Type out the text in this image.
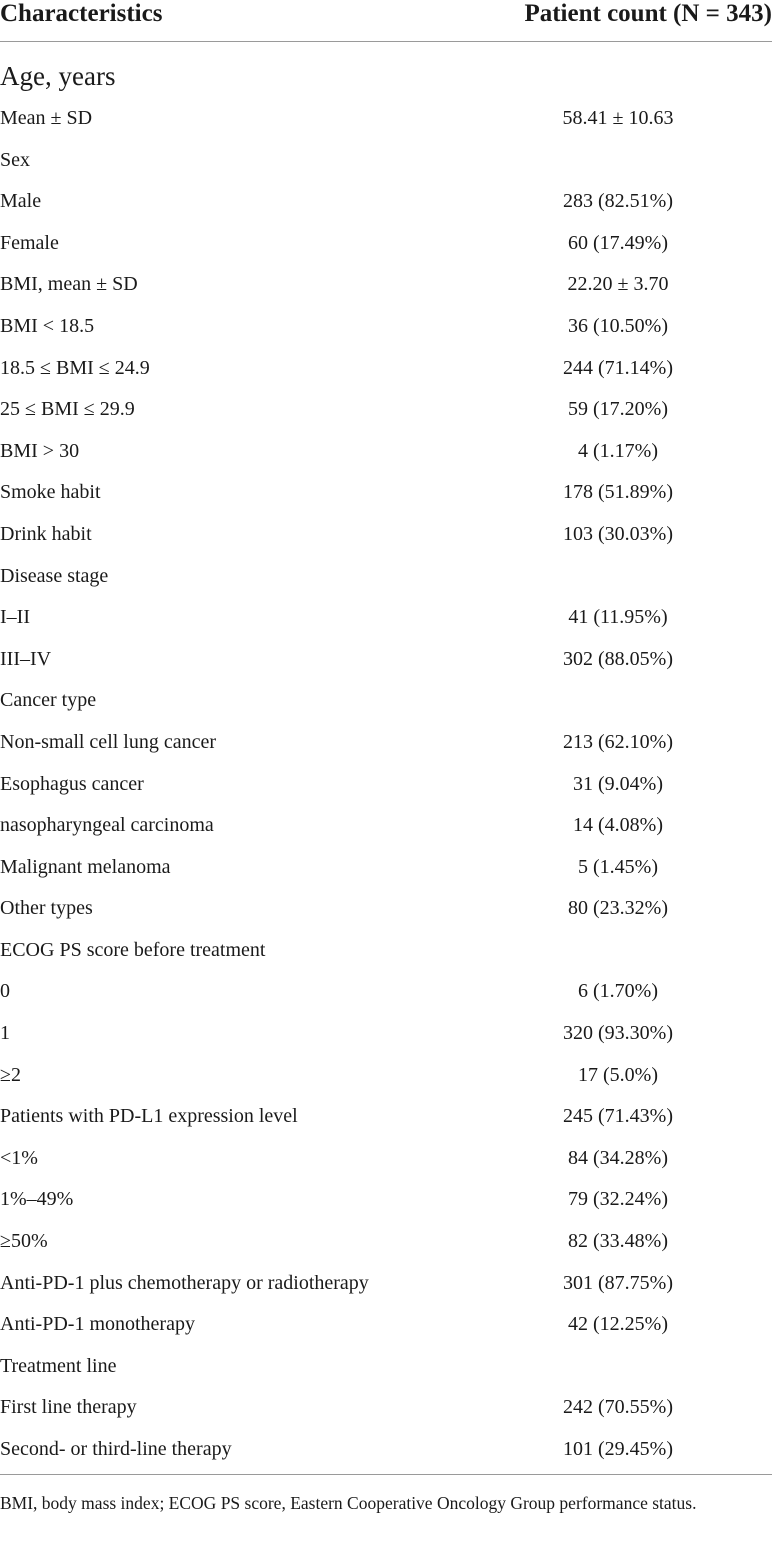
Characteristics	Patient count (N = 343)
Age, years
Mean ± SD	58.41 ± 10.63
Sex
Male	283 (82.51%)
Female	60 (17.49%)
BMI, mean ± SD	22.20 ± 3.70
BMI < 18.5	36 (10.50%)
18.5 ≤ BMI ≤ 24.9	244 (71.14%)
25 ≤ BMI ≤ 29.9	59 (17.20%)
BMI > 30	4 (1.17%)
Smoke habit	178 (51.89%)
Drink habit	103 (30.03%)
Disease stage
I–II	41 (11.95%)
III–IV	302 (88.05%)
Cancer type
Non-small cell lung cancer	213 (62.10%)
Esophagus cancer	31 (9.04%)
nasopharyngeal carcinoma	14 (4.08%)
Malignant melanoma	5 (1.45%)
Other types	80 (23.32%)
ECOG PS score before treatment
0	6 (1.70%)
1	320 (93.30%)
≥2	17 (5.0%)
Patients with PD-L1 expression level	245 (71.43%)
<1%	84 (34.28%)
1%–49%	79 (32.24%)
≥50%	82 (33.48%)
Anti-PD-1 plus chemotherapy or radiotherapy	301 (87.75%)
Anti-PD-1 monotherapy	42 (12.25%)
Treatment line
First line therapy	242 (70.55%)
Second- or third-line therapy	101 (29.45%)
BMI, body mass index; ECOG PS score, Eastern Cooperative Oncology Group performance status.
